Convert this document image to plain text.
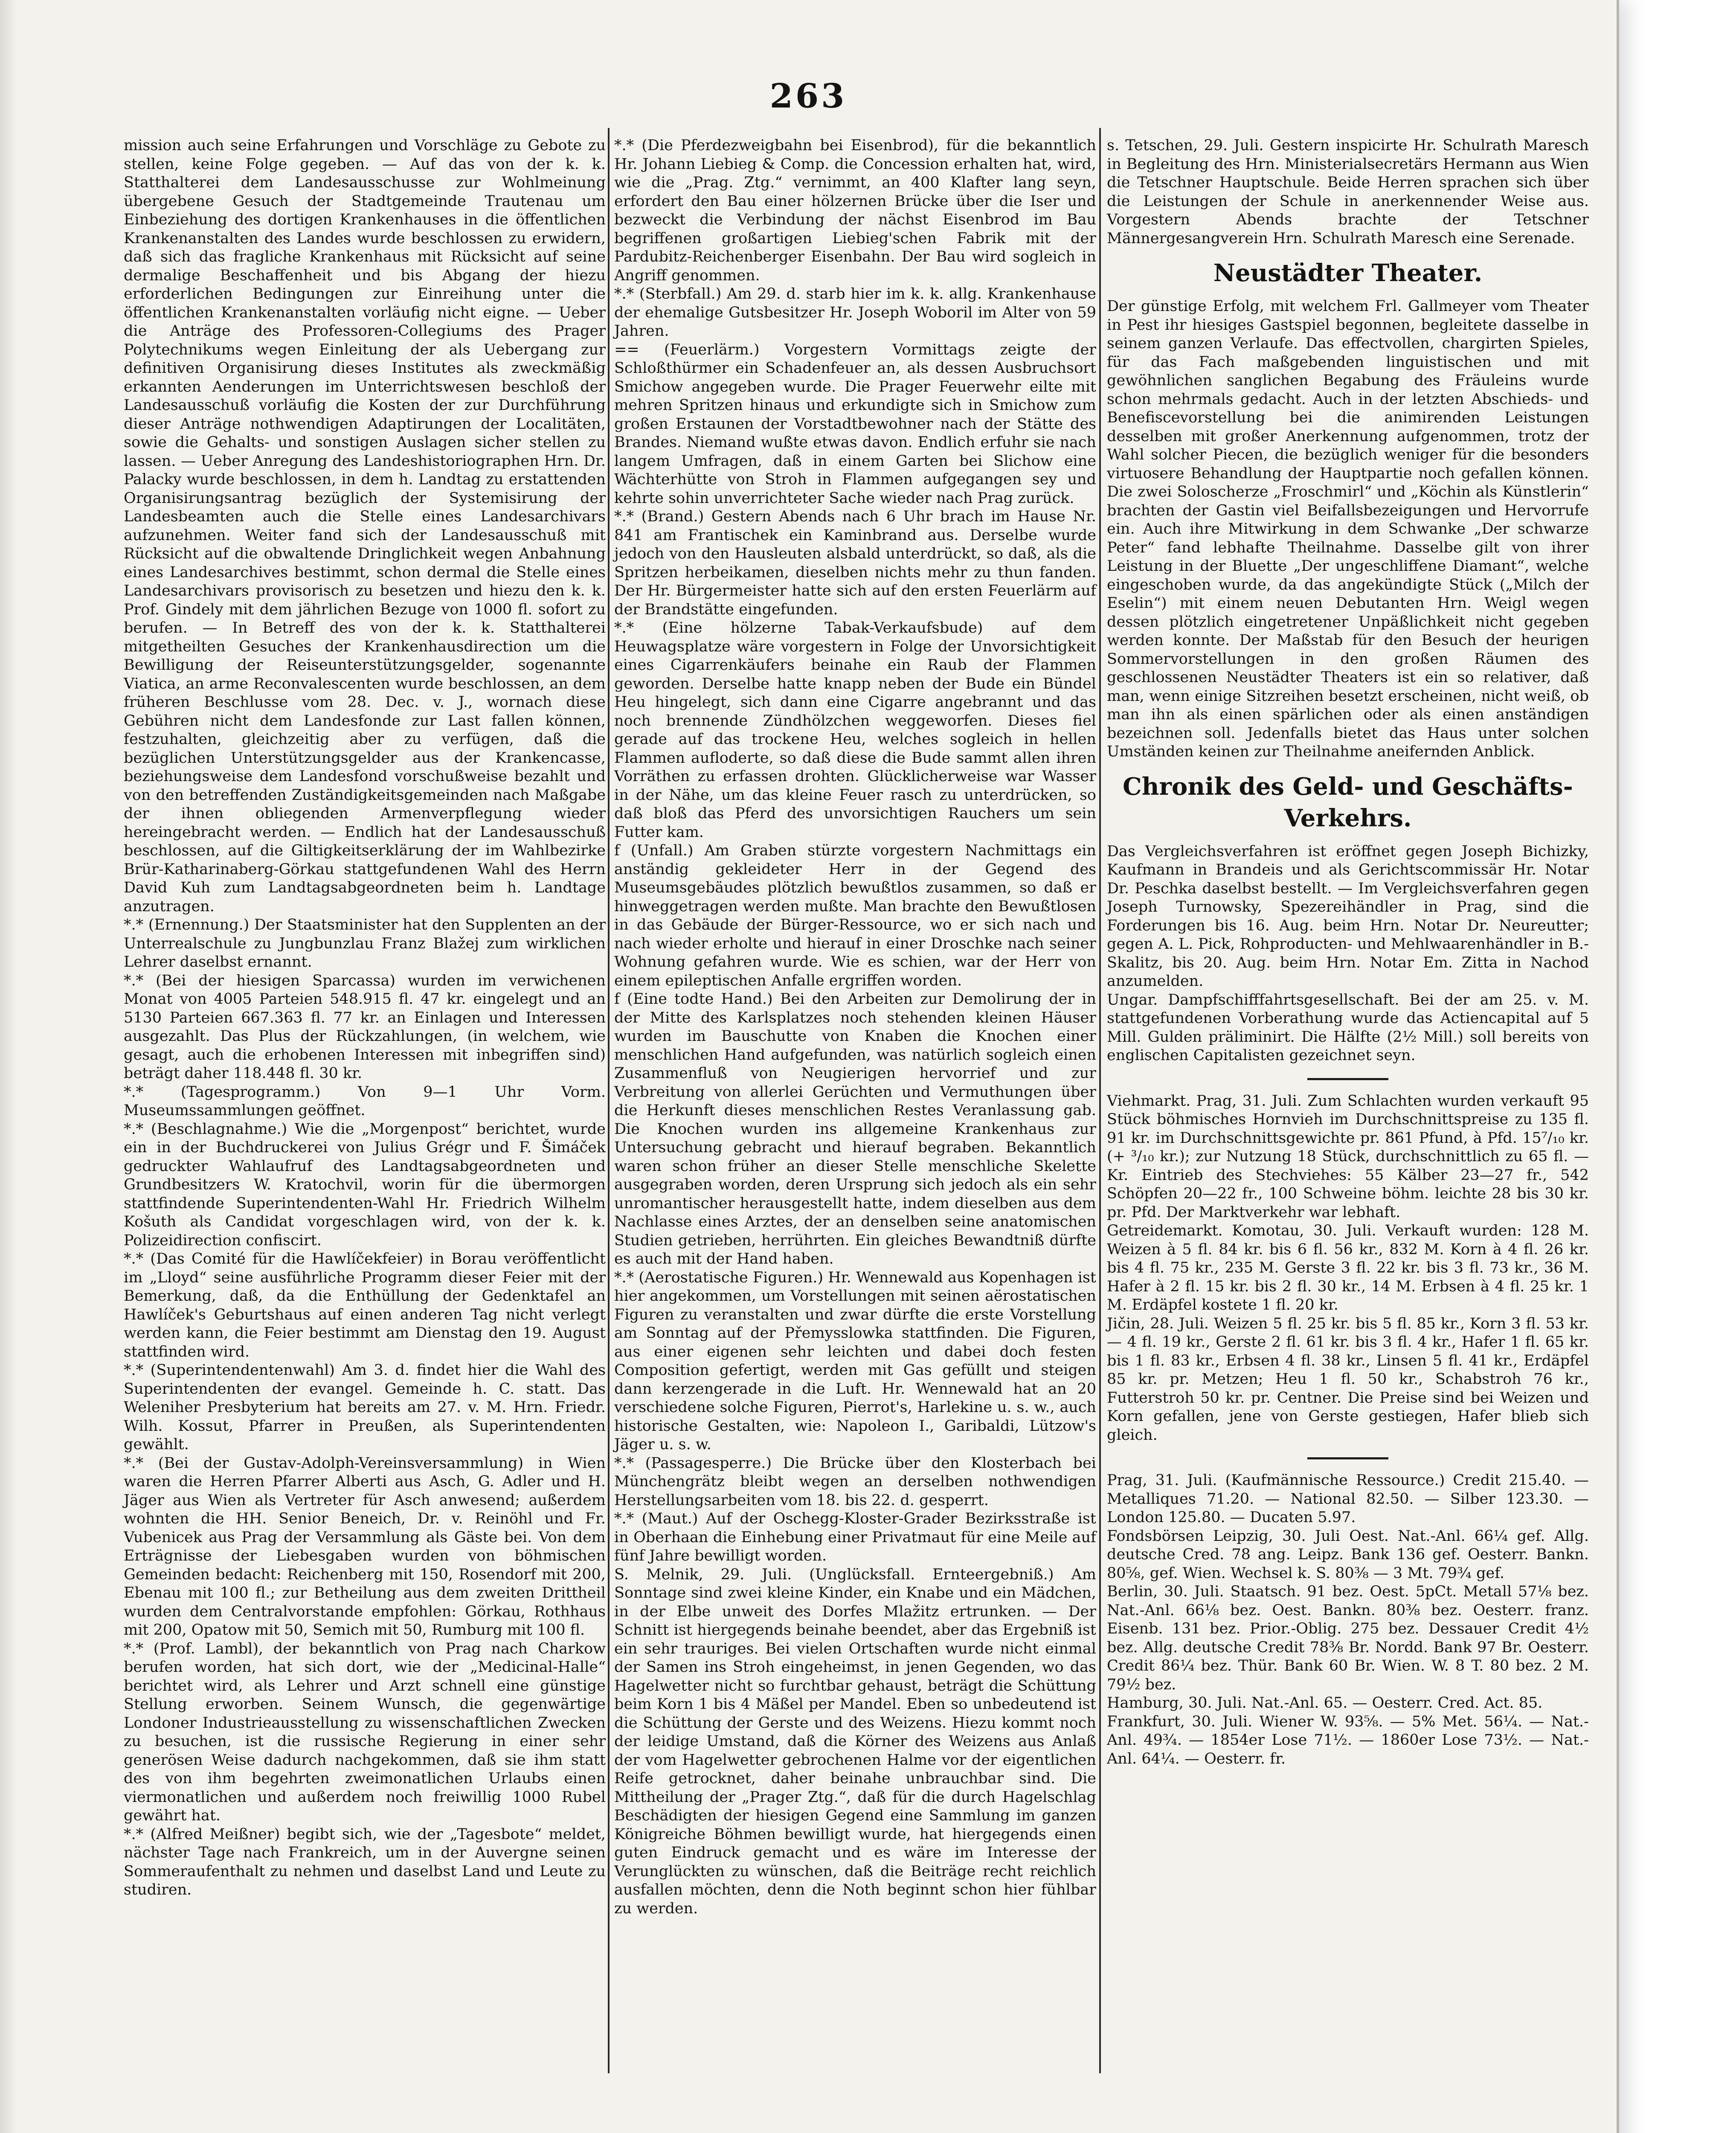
263

mission auch seine Erfahrungen und Vorschläge zu Gebote zu stellen, keine Folge gegeben. — Auf das von der k. k. Statthalterei dem Landesausschusse zur Wohlmeinung übergebene Gesuch der Stadtgemeinde Trautenau um Einbeziehung des dortigen Krankenhauses in die öffentlichen Krankenanstalten des Landes wurde beschlossen zu erwidern, daß sich das fragliche Krankenhaus mit Rücksicht auf seine dermalige Beschaffenheit und bis Abgang der hiezu erforderlichen Bedingungen zur Einreihung unter die öffentlichen Krankenanstalten vorläufig nicht eigne. — Ueber die Anträge des Professoren-Collegiums des Prager Polytechnikums wegen Einleitung der als Uebergang zur definitiven Organisirung dieses Institutes als zweckmäßig erkannten Aenderungen im Unterrichtswesen beschloß der Landesausschuß vorläufig die Kosten der zur Durchführung dieser Anträge nothwendigen Adaptirungen der Localitäten, sowie die Gehalts- und sonstigen Auslagen sicher stellen zu lassen. — Ueber Anregung des Landeshistoriographen Hrn. Dr. Palacky wurde beschlossen, in dem h. Landtag zu erstattenden Organisirungsantrag bezüglich der Systemisirung der Landesbeamten auch die Stelle eines Landesarchivars aufzunehmen. Weiter fand sich der Landesausschuß mit Rücksicht auf die obwaltende Dringlichkeit wegen Anbahnung eines Landesarchives bestimmt, schon dermal die Stelle eines Landesarchivars provisorisch zu besetzen und hiezu den k. k. Prof. Gindely mit dem jährlichen Bezuge von 1000 fl. sofort zu berufen. — In Betreff des von der k. k. Statthalterei mitgetheilten Gesuches der Krankenhausdirection um die Bewilligung der Reiseunterstützungsgelder, sogenannte Viatica, an arme Reconvalescenten wurde beschlossen, an dem früheren Beschlusse vom 28. Dec. v. J., wornach diese Gebühren nicht dem Landesfonde zur Last fallen können, festzuhalten, gleichzeitig aber zu verfügen, daß die bezüglichen Unterstützungsgelder aus der Krankencasse, beziehungsweise dem Landesfond vorschußweise bezahlt und von den betreffenden Zuständigkeitsgemeinden nach Maßgabe der ihnen obliegenden Armenverpflegung wieder hereingebracht werden. — Endlich hat der Landesausschuß beschlossen, auf die Giltigkeitserklärung der im Wahlbezirke Brür-Katharinaberg-Görkau stattgefundenen Wahl des Herrn David Kuh zum Landtagsabgeordneten beim h. Landtage anzutragen.

*.* (Ernennung.) Der Staatsminister hat den Supplenten an der Unterrealschule zu Jungbunzlau Franz Blažej zum wirklichen Lehrer daselbst ernannt.

*.* (Bei der hiesigen Sparcassa) wurden im verwichenen Monat von 4005 Parteien 548.915 fl. 47 kr. eingelegt und an 5130 Parteien 667.363 fl. 77 kr. an Einlagen und Interessen ausgezahlt. Das Plus der Rückzahlungen, (in welchem, wie gesagt, auch die erhobenen Interessen mit inbegriffen sind) beträgt daher 118.448 fl. 30 kr.

*.* (Tagesprogramm.) Von 9—1 Uhr Vorm. Museumssammlungen geöffnet.

*.* (Beschlagnahme.) Wie die „Morgenpost“ berichtet, wurde ein in der Buchdruckerei von Julius Grégr und F. Šimáček gedruckter Wahlaufruf des Landtagsabgeordneten und Grundbesitzers W. Kratochvil, worin für die übermorgen stattfindende Superintendenten-Wahl Hr. Friedrich Wilhelm Košuth als Candidat vorgeschlagen wird, von der k. k. Polizeidirection confiscirt.

*.* (Das Comité für die Hawlíčekfeier) in Borau veröffentlicht im „Lloyd“ seine ausführliche Programm dieser Feier mit der Bemerkung, daß, da die Enthüllung der Gedenktafel an Hawlíček's Geburtshaus auf einen anderen Tag nicht verlegt werden kann, die Feier bestimmt am Dienstag den 19. August stattfinden wird.

*.* (Superintendentenwahl) Am 3. d. findet hier die Wahl des Superintendenten der evangel. Gemeinde h. C. statt. Das Weleniher Presbyterium hat bereits am 27. v. M. Hrn. Friedr. Wilh. Kossut, Pfarrer in Preußen, als Superintendenten gewählt.

*.* (Bei der Gustav-Adolph-Vereinsversammlung) in Wien waren die Herren Pfarrer Alberti aus Asch, G. Adler und H. Jäger aus Wien als Vertreter für Asch anwesend; außerdem wohnten die HH. Senior Beneich, Dr. v. Reinöhl und Fr. Vubenicek aus Prag der Versammlung als Gäste bei. Von dem Erträgnisse der Liebesgaben wurden von böhmischen Gemeinden bedacht: Reichenberg mit 150, Rosendorf mit 200, Ebenau mit 100 fl.; zur Betheilung aus dem zweiten Drittheil wurden dem Centralvorstande empfohlen: Görkau, Rothhaus mit 200, Opatow mit 50, Semich mit 50, Rumburg mit 100 fl.

*.* (Prof. Lambl), der bekanntlich von Prag nach Charkow berufen worden, hat sich dort, wie der „Medicinal-Halle“ berichtet wird, als Lehrer und Arzt schnell eine günstige Stellung erworben. Seinem Wunsch, die gegenwärtige Londoner Industrieausstellung zu wissenschaftlichen Zwecken zu besuchen, ist die russische Regierung in einer sehr generösen Weise dadurch nachgekommen, daß sie ihm statt des von ihm begehrten zweimonatlichen Urlaubs einen viermonatlichen und außerdem noch freiwillig 1000 Rubel gewährt hat.

*.* (Alfred Meißner) begibt sich, wie der „Tagesbote“ meldet, nächster Tage nach Frankreich, um in der Auvergne seinen Sommeraufenthalt zu nehmen und daselbst Land und Leute zu studiren.

*.* (Die Pferdezweigbahn bei Eisenbrod), für die bekanntlich Hr. Johann Liebieg & Comp. die Concession erhalten hat, wird, wie die „Prag. Ztg.“ vernimmt, an 400 Klafter lang seyn, erfordert den Bau einer hölzernen Brücke über die Iser und bezweckt die Verbindung der nächst Eisenbrod im Bau begriffenen großartigen Liebieg'schen Fabrik mit der Pardubitz-Reichenberger Eisenbahn. Der Bau wird sogleich in Angriff genommen.

*.* (Sterbfall.) Am 29. d. starb hier im k. k. allg. Krankenhause der ehemalige Gutsbesitzer Hr. Joseph Woboril im Alter von 59 Jahren.

== (Feuerlärm.) Vorgestern Vormittags zeigte der Schloßthürmer ein Schadenfeuer an, als dessen Ausbruchsort Smichow angegeben wurde. Die Prager Feuerwehr eilte mit mehren Spritzen hinaus und erkundigte sich in Smichow zum großen Erstaunen der Vorstadtbewohner nach der Stätte des Brandes. Niemand wußte etwas davon. Endlich erfuhr sie nach langem Umfragen, daß in einem Garten bei Slichow eine Wächterhütte von Stroh in Flammen aufgegangen sey und kehrte sohin unverrichteter Sache wieder nach Prag zurück.

*.* (Brand.) Gestern Abends nach 6 Uhr brach im Hause Nr. 841 am Frantischek ein Kaminbrand aus. Derselbe wurde jedoch von den Hausleuten alsbald unterdrückt, so daß, als die Spritzen herbeikamen, dieselben nichts mehr zu thun fanden. Der Hr. Bürgermeister hatte sich auf den ersten Feuerlärm auf der Brandstätte eingefunden.

*.* (Eine hölzerne Tabak-Verkaufsbude) auf dem Heuwagsplatze wäre vorgestern in Folge der Unvorsichtigkeit eines Cigarrenkäufers beinahe ein Raub der Flammen geworden. Derselbe hatte knapp neben der Bude ein Bündel Heu hingelegt, sich dann eine Cigarre angebrannt und das noch brennende Zündhölzchen weggeworfen. Dieses fiel gerade auf das trockene Heu, welches sogleich in hellen Flammen aufloderte, so daß diese die Bude sammt allen ihren Vorräthen zu erfassen drohten. Glücklicherweise war Wasser in der Nähe, um das kleine Feuer rasch zu unterdrücken, so daß bloß das Pferd des unvorsichtigen Rauchers um sein Futter kam.

f (Unfall.) Am Graben stürzte vorgestern Nachmittags ein anständig gekleideter Herr in der Gegend des Museumsgebäudes plötzlich bewußtlos zusammen, so daß er hinweggetragen werden mußte. Man brachte den Bewußtlosen in das Gebäude der Bürger-Ressource, wo er sich nach und nach wieder erholte und hierauf in einer Droschke nach seiner Wohnung gefahren wurde. Wie es schien, war der Herr von einem epileptischen Anfalle ergriffen worden.

f (Eine todte Hand.) Bei den Arbeiten zur Demolirung der in der Mitte des Karlsplatzes noch stehenden kleinen Häuser wurden im Bauschutte von Knaben die Knochen einer menschlichen Hand aufgefunden, was natürlich sogleich einen Zusammenfluß von Neugierigen hervorrief und zur Verbreitung von allerlei Gerüchten und Vermuthungen über die Herkunft dieses menschlichen Restes Veranlassung gab. Die Knochen wurden ins allgemeine Krankenhaus zur Untersuchung gebracht und hierauf begraben. Bekanntlich waren schon früher an dieser Stelle menschliche Skelette ausgegraben worden, deren Ursprung sich jedoch als ein sehr unromantischer herausgestellt hatte, indem dieselben aus dem Nachlasse eines Arztes, der an denselben seine anatomischen Studien getrieben, herrührten. Ein gleiches Bewandtniß dürfte es auch mit der Hand haben.

*.* (Aerostatische Figuren.) Hr. Wennewald aus Kopenhagen ist hier angekommen, um Vorstellungen mit seinen aërostatischen Figuren zu veranstalten und zwar dürfte die erste Vorstellung am Sonntag auf der Přemysslowka stattfinden. Die Figuren, aus einer eigenen sehr leichten und dabei doch festen Composition gefertigt, werden mit Gas gefüllt und steigen dann kerzengerade in die Luft. Hr. Wennewald hat an 20 verschiedene solche Figuren, Pierrot's, Harlekine u. s. w., auch historische Gestalten, wie: Napoleon I., Garibaldi, Lützow's Jäger u. s. w.

*.* (Passagesperre.) Die Brücke über den Klosterbach bei Münchengrätz bleibt wegen an derselben nothwendigen Herstellungsarbeiten vom 18. bis 22. d. gesperrt.

*.* (Maut.) Auf der Oschegg-Kloster-Grader Bezirksstraße ist in Oberhaan die Einhebung einer Privatmaut für eine Meile auf fünf Jahre bewilligt worden.

S. Melnik, 29. Juli. (Unglücksfall. Ernteergebniß.) Am Sonntage sind zwei kleine Kinder, ein Knabe und ein Mädchen, in der Elbe unweit des Dorfes Mlažitz ertrunken. — Der Schnitt ist hiergegends beinahe beendet, aber das Ergebniß ist ein sehr trauriges. Bei vielen Ortschaften wurde nicht einmal der Samen ins Stroh eingeheimst, in jenen Gegenden, wo das Hagelwetter nicht so furchtbar gehaust, beträgt die Schüttung beim Korn 1 bis 4 Mäßel per Mandel. Eben so unbedeutend ist die Schüttung der Gerste und des Weizens. Hiezu kommt noch der leidige Umstand, daß die Körner des Weizens aus Anlaß der vom Hagelwetter gebrochenen Halme vor der eigentlichen Reife getrocknet, daher beinahe unbrauchbar sind. Die Mittheilung der „Prager Ztg.“, daß für die durch Hagelschlag Beschädigten der hiesigen Gegend eine Sammlung im ganzen Königreiche Böhmen bewilligt wurde, hat hiergegends einen guten Eindruck gemacht und es wäre im Interesse der Verunglückten zu wünschen, daß die Beiträge recht reichlich ausfallen möchten, denn die Noth beginnt schon hier fühlbar zu werden.

s. Tetschen, 29. Juli. Gestern inspicirte Hr. Schulrath Maresch in Begleitung des Hrn. Ministerialsecretärs Hermann aus Wien die Tetschner Hauptschule. Beide Herren sprachen sich über die Leistungen der Schule in anerkennender Weise aus. Vorgestern Abends brachte der Tetschner Männergesangverein Hrn. Schulrath Maresch eine Serenade.

Neustädter Theater.

Der günstige Erfolg, mit welchem Frl. Gallmeyer vom Theater in Pest ihr hiesiges Gastspiel begonnen, begleitete dasselbe in seinem ganzen Verlaufe. Das effectvollen, chargirten Spieles, für das Fach maßgebenden linguistischen und mit gewöhnlichen sanglichen Begabung des Fräuleins wurde schon mehrmals gedacht. Auch in der letzten Abschieds- und Benefiscevorstellung bei die animirenden Leistungen desselben mit großer Anerkennung aufgenommen, trotz der Wahl solcher Piecen, die bezüglich weniger für die besonders virtuosere Behandlung der Hauptpartie noch gefallen können. Die zwei Soloscherze „Froschmirl“ und „Köchin als Künstlerin“ brachten der Gastin viel Beifallsbezeigungen und Hervorrufe ein. Auch ihre Mitwirkung in dem Schwanke „Der schwarze Peter“ fand lebhafte Theilnahme. Dasselbe gilt von ihrer Leistung in der Bluette „Der ungeschliffene Diamant“, welche eingeschoben wurde, da das angekündigte Stück („Milch der Eselin“) mit einem neuen Debutanten Hrn. Weigl wegen dessen plötzlich eingetretener Unpäßlichkeit nicht gegeben werden konnte. Der Maßstab für den Besuch der heurigen Sommervorstellungen in den großen Räumen des geschlossenen Neustädter Theaters ist ein so relativer, daß man, wenn einige Sitzreihen besetzt erscheinen, nicht weiß, ob man ihn als einen spärlichen oder als einen anständigen bezeichnen soll. Jedenfalls bietet das Haus unter solchen Umständen keinen zur Theilnahme aneifernden Anblick.

Chronik des Geld- und Geschäfts-Verkehrs.

Das Vergleichsverfahren ist eröffnet gegen Joseph Bichizky, Kaufmann in Brandeis und als Gerichtscommissär Hr. Notar Dr. Peschka daselbst bestellt. — Im Vergleichsverfahren gegen Joseph Turnowsky, Spezereihändler in Prag, sind die Forderungen bis 16. Aug. beim Hrn. Notar Dr. Neureutter; gegen A. L. Pick, Rohproducten- und Mehlwaarenhändler in B.-Skalitz, bis 20. Aug. beim Hrn. Notar Em. Zitta in Nachod anzumelden.

Ungar. Dampfschifffahrtsgesellschaft. Bei der am 25. v. M. stattgefundenen Vorberathung wurde das Actiencapital auf 5 Mill. Gulden präliminirt. Die Hälfte (2½ Mill.) soll bereits von englischen Capitalisten gezeichnet seyn.

Viehmarkt. Prag, 31. Juli. Zum Schlachten wurden verkauft 95 Stück böhmisches Hornvieh im Durchschnittspreise zu 135 fl. 91 kr. im Durchschnittsgewichte pr. 861 Pfund, à Pfd. 15⁷/₁₀ kr. (+ ³/₁₀ kr.); zur Nutzung 18 Stück, durchschnittlich zu 65 fl. — Kr. Eintrieb des Stechviehes: 55 Kälber 23—27 fr., 542 Schöpfen 20—22 fr., 100 Schweine böhm. leichte 28 bis 30 kr. pr. Pfd. Der Marktverkehr war lebhaft.

Getreidemarkt. Komotau, 30. Juli. Verkauft wurden: 128 M. Weizen à 5 fl. 84 kr. bis 6 fl. 56 kr., 832 M. Korn à 4 fl. 26 kr. bis 4 fl. 75 kr., 235 M. Gerste 3 fl. 22 kr. bis 3 fl. 73 kr., 36 M. Hafer à 2 fl. 15 kr. bis 2 fl. 30 kr., 14 M. Erbsen à 4 fl. 25 kr. 1 M. Erdäpfel kostete 1 fl. 20 kr.

Jičin, 28. Juli. Weizen 5 fl. 25 kr. bis 5 fl. 85 kr., Korn 3 fl. 53 kr. — 4 fl. 19 kr., Gerste 2 fl. 61 kr. bis 3 fl. 4 kr., Hafer 1 fl. 65 kr. bis 1 fl. 83 kr., Erbsen 4 fl. 38 kr., Linsen 5 fl. 41 kr., Erdäpfel 85 kr. pr. Metzen; Heu 1 fl. 50 kr., Schabstroh 76 kr., Futterstroh 50 kr. pr. Centner. Die Preise sind bei Weizen und Korn gefallen, jene von Gerste gestiegen, Hafer blieb sich gleich.

Prag, 31. Juli. (Kaufmännische Ressource.) Credit 215.40. — Metalliques 71.20. — National 82.50. — Silber 123.30. — London 125.80. — Ducaten 5.97.

Fondsbörsen Leipzig, 30. Juli Oest. Nat.-Anl. 66¼ gef. Allg. deutsche Cred. 78 ang. Leipz. Bank 136 gef. Oesterr. Bankn. 80⅝, gef. Wien. Wechsel k. S. 80⅜ — 3 Mt. 79¾ gef.

Berlin, 30. Juli. Staatsch. 91 bez. Oest. 5pCt. Metall 57⅛ bez. Nat.-Anl. 66⅛ bez. Oest. Bankn. 80⅜ bez. Oesterr. franz. Eisenb. 131 bez. Prior.-Oblig. 275 bez. Dessauer Credit 4½ bez. Allg. deutsche Credit 78⅜ Br. Nordd. Bank 97 Br. Oesterr. Credit 86¼ bez. Thür. Bank 60 Br. Wien. W. 8 T. 80 bez. 2 M. 79½ bez.

Hamburg, 30. Juli. Nat.-Anl. 65. — Oesterr. Cred. Act. 85.

Frankfurt, 30. Juli. Wiener W. 93⅝. — 5% Met. 56¼. — Nat.-Anl. 49¾. — 1854er Lose 71½. — 1860er Lose 73½. — Nat.-Anl. 64¼. — Oesterr. fr.
